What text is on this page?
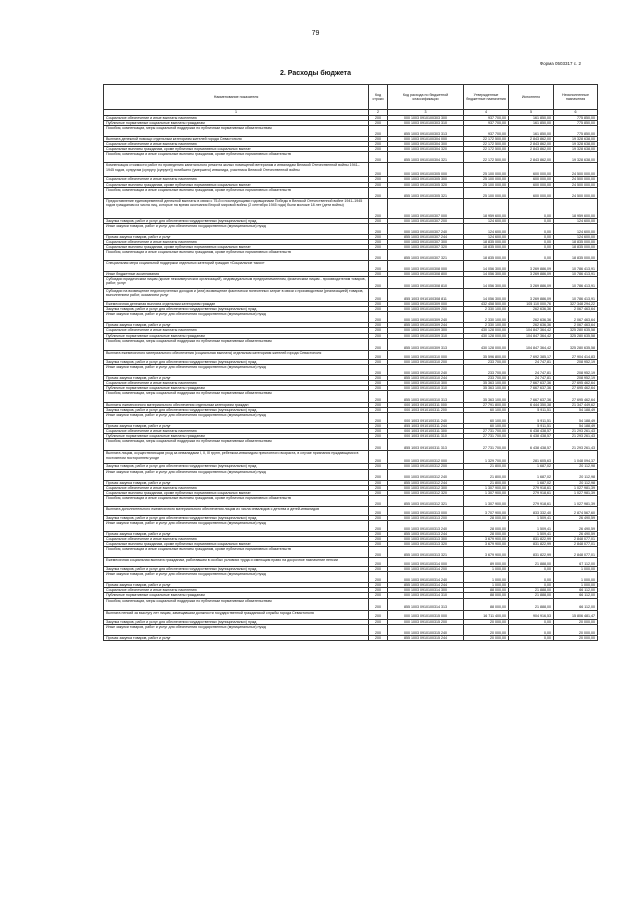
79
Форма 0503317 с. 2
2. Расходы бюджета
Наименование показателя	Код строки	Код расхода по бюджетной классификации	Утвержденные бюджетные назначения	Исполнено	Неисполненные назначения
1	2	3	4	5	6
Социальное обеспечение и иные выплаты населению	200	000 1003 0910100303 300	937 700,00	161 850,00	775 850,00
Публичные нормативные социальные выплаты гражданам	200	000 1003 0910100303 310	937 700,00	161 850,00	775 850,00
Пособия, компенсации, меры социальной поддержки по публичным нормативным обязательствам	200	855 1003 0910100303 313	937 700,00	161 850,00	775 850,00
Выплата денежной помощи отдельным категориям жителей города Севастополя	200	000 1003 0910100304 000	22 172 500,00	2 843 862,00	19 328 638,00
Социальное обеспечение и иные выплаты населению	200	000 1003 0910100304 300	22 172 500,00	2 843 862,00	19 328 638,00
Социальные выплаты гражданам, кроме публичных нормативных социальных выплат	200	000 1003 0910100304 320	22 172 500,00	2 843 862,00	19 328 638,00
Пособия, компенсации и иные социальные выплаты гражданам, кроме публичных нормативных обязательств	200	855 1003 0910100304 321	22 172 500,00	2 843 862,00	19 328 638,00
Компенсация стоимости работ по проведению капитального ремонта жилых помещений ветеранам и инвалидам Великой Отечественной войны 1941–1945 годов, супругам (супругу (супруге)) погибшего (умершего) инвалида, участника Великой Отечественной войны	200	000 1003 0910100305 000	25 100 000,00	600 000,00	24 500 000,00
Социальное обеспечение и иные выплаты населению	200	000 1003 0910100305 300	25 100 000,00	600 000,00	24 500 000,00
Социальные выплаты гражданам, кроме публичных нормативных социальных выплат	200	000 1003 0910100305 320	25 100 000,00	600 000,00	24 500 000,00
Пособия, компенсации и иные социальные выплаты гражданам, кроме публичных нормативных обязательств	200	855 1003 0910100305 321	25 100 000,00	600 000,00	24 500 000,00
Предоставление единовременной денежной выплаты в связи с 75-й и последующими годовщинами Победы в Великой Отечественной войне 1941–1945 годов гражданам из числа лиц, которые на время окончания Второй мировой войны (2 сентября 1945 года) были моложе 18 лет (дети войны)	200	000 1003 0910100307 000	18 959 600,00	0,00	18 959 600,00
Закупка товаров, работ и услуг для обеспечения государственных (муниципальных) нужд	200	000 1003 0910100307 200	124 600,00	0,00	124 600,00
Иные закупки товаров, работ и услуг для обеспечения государственных (муниципальных) нужд	200	000 1003 0910100307 240	124 600,00	0,00	124 600,00
Прочая закупка товаров, работ и услуг	200	855 1003 0910100307 244	124 600,00	0,00	124 600,00
Социальное обеспечение и иные выплаты населению	200	000 1003 0910100307 300	18 835 000,00	0,00	18 835 000,00
Социальные выплаты гражданам, кроме публичных нормативных социальных выплат	200	000 1003 0910100307 320	18 835 000,00	0,00	18 835 000,00
Пособия, компенсации и иные социальные выплаты гражданам, кроме публичных нормативных обязательств	200	855 1003 0910100307 321	18 835 000,00	0,00	18 835 000,00
Специальная мера социальной поддержки отдельных категорий граждан «Социальное такси»	200	000 1003 0910100308 000	14 056 300,00	3 269 886,09	10 786 413,91
Иные бюджетные ассигнования	200	000 1003 0910100308 800	14 056 300,00	3 269 886,09	10 786 413,91
Субсидии юридическим лицам (кроме некоммерческих организаций), индивидуальным предпринимателям, физическим лицам - производителям товаров, работ, услуг	200	000 1003 0910100308 810	14 056 300,00	3 269 886,09	10 786 413,91
Субсидии на возмещение недополученных доходов и (или) возмещение фактически понесенных затрат в связи с производством (реализацией) товаров, выполнением работ, оказанием услуг	200	855 1003 0910100308 811	14 056 300,00	3 269 886,09	10 786 413,91
Ежемесячная денежная выплата отдельным категориям граждан	200	000 1003 0910100309 000	432 458 500,00	105 110 000,76	327 348 294,22
Закупка товаров, работ и услуг для обеспечения государственных (муниципальных) нужд	200	000 1003 0910100309 200	2 330 100,00	262 636,36	2 067 463,64
Иные закупки товаров, работ и услуг для обеспечения государственных (муниципальных) нужд	200	000 1003 0910100309 240	2 330 100,00	262 636,36	2 067 463,64
Прочая закупка товаров, работ и услуг	200	855 1003 0910100309 244	2 330 100,00	262 636,36	2 067 463,64
Социальное обеспечение и иные выплаты населению	200	000 1003 0910100309 300	430 128 000,00	104 847 364,42	325 280 635,58
Публичные нормативные социальные выплаты гражданам	200	000 1003 0910100309 310	430 128 000,00	104 847 364,42	325 280 635,58
Пособия, компенсации, меры социальной поддержки по публичным нормативным обязательствам	200	855 1003 0910100309 313	430 128 000,00	104 847 364,42	325 280 635,58
Выплата ежемесячного материального обеспечения (социальная выплата) отдельным категориям жителей города Севастополя	200	000 1003 0910100310 000	35 596 800,00	7 692 385,17	27 904 414,83
Закупка товаров, работ и услуг для обеспечения государственных (муниципальных) нужд	200	000 1003 0910100310 200	233 700,00	24 747,81	208 952,19
Иные закупки товаров, работ и услуг для обеспечения государственных (муниципальных) нужд	200	000 1003 0910100310 240	233 700,00	24 747,81	208 952,19
Прочая закупка товаров, работ и услуг	200	855 1003 0910100310 244	233 700,00	24 747,81	208 952,19
Социальное обеспечение и иные выплаты населению	200	000 1003 0910100310 300	35 363 100,00	7 667 637,36	27 695 462,64
Публичные нормативные социальные выплаты гражданам	200	000 1003 0910100310 310	35 363 100,00	7 667 637,36	27 695 462,64
Пособия, компенсации, меры социальной поддержки по публичным нормативным обязательствам	200	855 1003 0910100310 313	35 363 100,00	7 667 637,36	27 695 462,64
Выплаты ежемесячного материального обеспечения отдельным категориям граждан	200	000 1003 0910100311 000	27 791 800,00	6 444 350,38	21 347 449,62
Закупка товаров, работ и услуг для обеспечения государственных (муниципальных) нужд	200	000 1003 0910100311 200	60 100,00	5 911,51	54 188,49
Иные закупки товаров, работ и услуг для обеспечения государственных (муниципальных) нужд	200	000 1003 0910100311 240	60 100,00	5 911,51	54 188,49
Прочая закупка товаров, работ и услуг	200	855 1003 0910100311 244	60 100,00	5 911,51	54 188,49
Социальное обеспечение и иные выплаты населению	200	000 1003 0910100311 300	27 731 700,00	6 438 438,57	21 293 261,43
Публичные нормативные социальные выплаты гражданам	200	000 1003 0910100311 310	27 731 700,00	6 438 438,57	21 293 261,43
Пособия, компенсации, меры социальной поддержки по публичным нормативным обязательствам	200	855 1003 0910100311 313	27 731 700,00	6 438 438,57	21 293 261,43
Выплата лицам, осуществляющим уход за инвалидами I, II, III групп, ребенком-инвалидом преклонного возраста, в случае признания нуждающимся в постоянном постороннем уходе	200	000 1003 0910100312 000	1 329 700,00	281 605,63	1 048 094,37
Закупка товаров, работ и услуг для обеспечения государственных (муниципальных) нужд	200	000 1003 0910100312 200	21 800,00	1 687,02	20 112,98
Иные закупки товаров, работ и услуг для обеспечения государственных (муниципальных) нужд	200	000 1003 0910100312 240	21 800,00	1 687,02	20 112,98
Прочая закупка товаров, работ и услуг	200	855 1003 0910100312 244	21 800,00	1 687,02	20 112,98
Социальное обеспечение и иные выплаты населению	200	000 1003 0910100312 300	1 307 900,00	279 918,61	1 027 981,39
Социальные выплаты гражданам, кроме публичных нормативных социальных выплат	200	000 1003 0910100312 320	1 307 900,00	279 918,61	1 027 981,39
Пособия, компенсации и иные социальные выплаты гражданам, кроме публичных нормативных обязательств	200	855 1003 0910100312 321	1 307 900,00	279 918,61	1 027 981,39
Выплата дополнительного ежемесячного материального обеспечения лицам из числа инвалидов с детства и детей-инвалидов	200	000 1003 0910100313 000	3 707 900,00	833 332,40	2 874 567,60
Закупка товаров, работ и услуг для обеспечения государственных (муниципальных) нужд	200	000 1003 0910100313 200	28 000,00	1 509,41	26 490,59
Иные закупки товаров, работ и услуг для обеспечения государственных (муниципальных) нужд	200	000 1003 0910100313 240	28 000,00	1 509,41	26 490,59
Прочая закупка товаров, работ и услуг	200	855 1003 0910100313 244	28 000,00	1 509,41	26 490,59
Социальное обеспечение и иные выплаты населению	200	000 1003 0910100313 300	3 679 900,00	831 822,99	2 848 077,01
Социальные выплаты гражданам, кроме публичных нормативных социальных выплат	200	000 1003 0910100313 320	3 679 900,00	831 822,99	2 848 077,01
Пособия, компенсации и иные социальные выплаты гражданам, кроме публичных нормативных обязательств	200	855 1003 0910100313 321	3 679 900,00	831 822,99	2 848 077,01
Ежемесячная социальная выплата гражданам, работавшим в особых условиях труда и имеющим право на досрочное назначение пенсии	200	000 1003 0910100314 000	89 000,00	21 888,00	67 112,00
Закупка товаров, работ и услуг для обеспечения государственных (муниципальных) нужд	200	000 1003 0910100314 200	1 000,00	0,00	1 000,00
Иные закупки товаров, работ и услуг для обеспечения государственных (муниципальных) нужд	200	000 1003 0910100314 240	1 000,00	0,00	1 000,00
Прочая закупка товаров, работ и услуг	200	855 1003 0910100314 244	1 000,00	0,00	1 000,00
Социальное обеспечение и иные выплаты населению	200	000 1003 0910100314 300	88 000,00	21 888,00	66 112,00
Публичные нормативные социальные выплаты гражданам	200	000 1003 0910100314 310	88 000,00	21 888,00	66 112,00
Пособия, компенсации, меры социальной поддержки по публичным нормативным обязательствам	200	855 1003 0910100314 313	88 000,00	21 888,00	66 112,00
Выплата пенсий за выслугу лет лицам, замещавшим должности государственной гражданской службы города Севастополя	200	000 1003 0910100315 000	16 711 400,00	904 916,53	15 806 481,47
Закупка товаров, работ и услуг для обеспечения государственных (муниципальных) нужд	200	000 1003 0910100315 200	20 000,00	0,00	20 000,00
Иные закупки товаров, работ и услуг для обеспечения государственных (муниципальных) нужд	200	000 1003 0910100315 240	20 000,00	0,00	20 000,00
Прочая закупка товаров, работ и услуг	200	855 1003 0910100315 244	20 000,00	0,00	20 000,00
